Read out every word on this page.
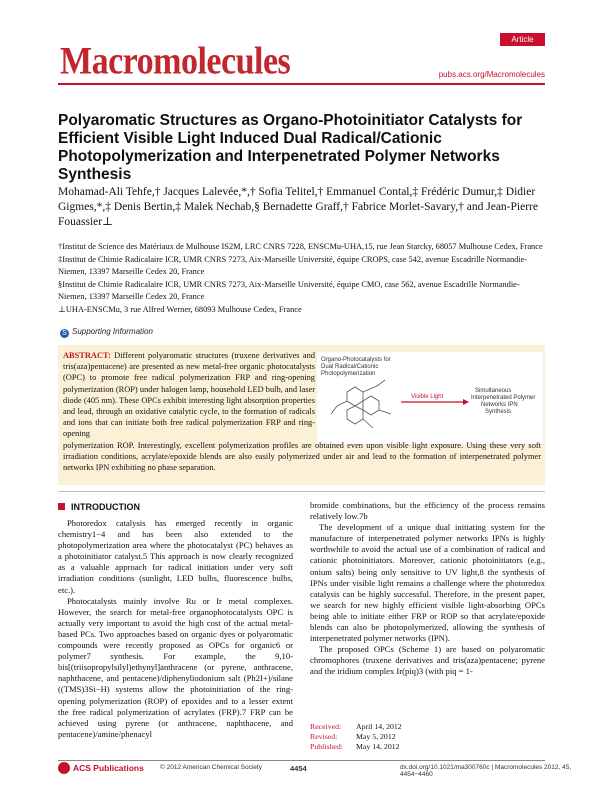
Article
Macromolecules	pubs.acs.org/Macromolecules
Polyaromatic Structures as Organo-Photoinitiator Catalysts for Efficient Visible Light Induced Dual Radical/Cationic Photopolymerization and Interpenetrated Polymer Networks Synthesis
Mohamad-Ali Tehfe,† Jacques Lalevée,*,† Sofia Telitel,† Emmanuel Contal,‡ Frédéric Dumur,‡ Didier Gigmes,*,‡ Denis Bertin,‡ Malek Nechab,§ Bernadette Graff,† Fabrice Morlet-Savary,† and Jean-Pierre Fouassier⊥

†Institut de Science des Matériaux de Mulhouse IS2M, LRC CNRS 7228, ENSCMu-UHA,15, rue Jean Starcky, 68057 Mulhouse Cedex, France

‡Institut de Chimie Radicalaire ICR, UMR CNRS 7273, Aix-Marseille Université, équipe CROPS, case 542, avenue Escadrille Normandie-Niemen, 13397 Marseille Cedex 20, France

§Institut de Chimie Radicalaire ICR, UMR CNRS 7273, Aix-Marseille Université, équipe CMO, case 562, avenue Escadrille Normandie-Niemen, 13397 Marseille Cedex 20, France

⊥UHA-ENSCMu, 3 rue Alfred Werner, 68093 Mulhouse Cedex, France

S Supporting Information
Organo-Photocatalysts for
Dual Radical/Cationic
Photopolymerization
Visible Light
Simultaneous
Interpenetrated Polymer
Networks IPN
Synthesis
ABSTRACT: Different polyaromatic structures (truxene derivatives and tris(aza)pentacene) are presented as new metal-free organic photocatalysts (OPC) to promote free radical polymerization FRP and ring-opening polymerization (ROP) under halogen lamp, household LED bulb, and laser diode (405 nm). These OPCs exhibit interesting light absorption properties and lead, through an oxidative catalytic cycle, to the formation of radicals and ions that can initiate both free radical polymerization FRP and ring-opening
polymerization ROP. Interestingly, excellent polymerization profiles are obtained even upon visible light exposure. Using these very soft irradiation conditions, acrylate/epoxide blends are also easily polymerized under air and lead to the formation of interpenetrated polymer networks IPN exhibiting no phase separation.
INTRODUCTION

Photoredox catalysis has emerged recently in organic chemistry1−4 and has been also extended to the photopolymerization area where the photocatalyst (PC) behaves as a photoinitiator catalyst.5 This approach is now clearly recognized as a valuable approach for radical initiation under very soft irradiation conditions (sunlight, LED bulbs, fluorescence bulbs, etc.).

Photocatalysts mainly involve Ru or Ir metal complexes. However, the search for metal-free organophotocatalysts OPC is actually very important to avoid the high cost of the actual metal-based PCs. Two approaches based on organic dyes or polyaromatic compounds were recently proposed as OPCs for organic6 or polymer7 synthesis. For example, the 9,10-bis[(triisopropylsilyl)ethynyl]anthracene (or pyrene, anthracene, naphthacene, and pentacene)/diphenyliodonium salt (Ph2I+)/silane ((TMS)3Si−H) systems allow the photoinitiation of the ring-opening polymerization (ROP) of epoxides and to a lesser extent the free radical polymerization of acrylates (FRP).7 FRP can be achieved using pyrene (or anthracene, naphthacene, and pentacene)/amine/phenacyl

bromide combinations, but the efficiency of the process remains relatively low.7b

The development of a unique dual initiating system for the manufacture of interpenetrated polymer networks IPNs is highly worthwhile to avoid the actual use of a combination of radical and cationic photoinitiators. Moreover, cationic photoinitiators (e.g., onium salts) being only sensitive to UV light,8 the synthesis of IPNs under visible light remains a challenge where the photoredox catalysis can be highly successful. Therefore, in the present paper, we search for new highly efficient visible light-absorbing OPCs being able to initiate either FRP or ROP so that acrylate/epoxide blends can also be photopolymerized, allowing the synthesis of interpenetrated polymer networks (IPN).

The proposed OPCs (Scheme 1) are based on polyaromatic chromophores (truxene derivatives and tris(aza)pentacene; pyrene and the iridium complex Ir(piq)3 (with piq = 1-

Received: April 14, 2012
Revised: May 5, 2012
Published: May 14, 2012
ACS Publications © 2012 American Chemical Society	4454	dx.doi.org/10.1021/ma300760c | Macromolecules 2012, 45, 4454−4460
